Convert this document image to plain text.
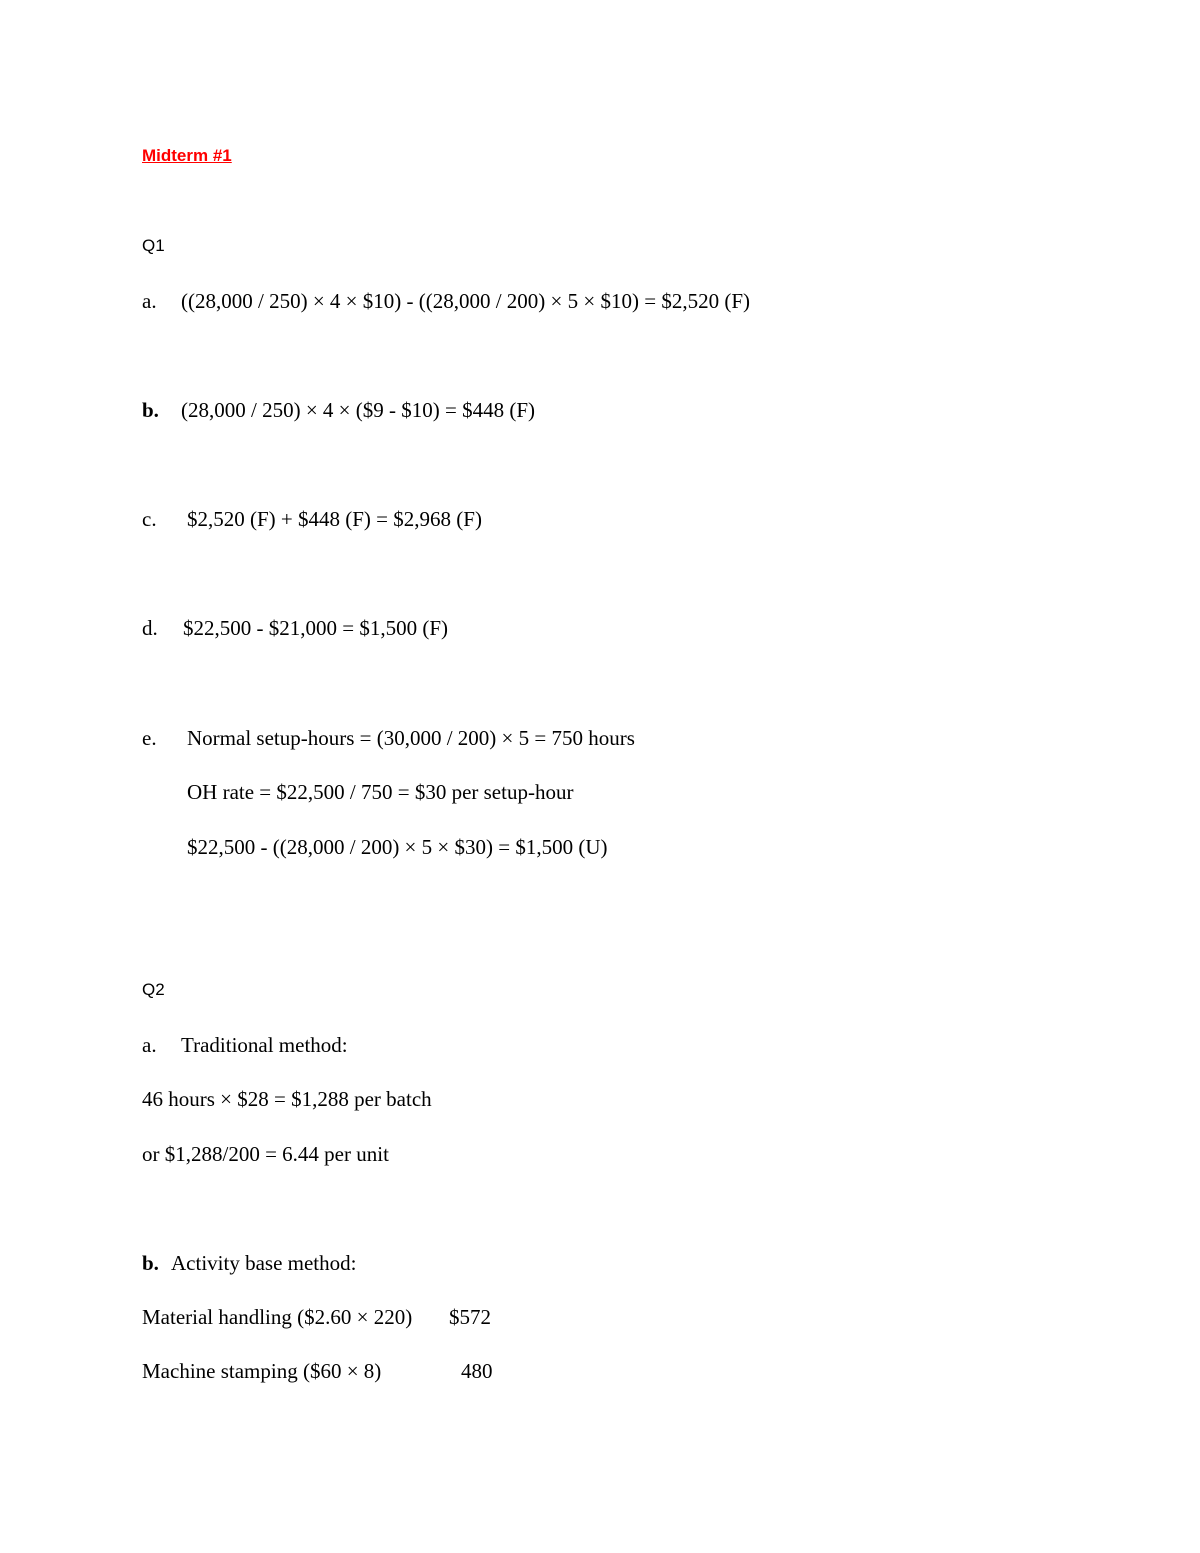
Midterm #1
Q1
a. ((28,000 / 250) × 4 × $10) - ((28,000 / 200) × 5 × $10) = $2,520 (F)
b. (28,000 / 250) × 4 × ($9 - $10) = $448 (F)
c. $2,520 (F) + $448 (F) = $2,968 (F)
d. $22,500 - $21,000 = $1,500 (F)
e. Normal setup-hours = (30,000 / 200) × 5 = 750 hours
OH rate = $22,500 / 750 = $30 per setup-hour
$22,500 - ((28,000 / 200) × 5 × $30) = $1,500 (U)
Q2
a. Traditional method:
46 hours × $28 = $1,288 per batch
or $1,288/200 = 6.44 per unit
b. Activity base method:
Material handling ($2.60 × 220) $572
Machine stamping ($60 × 8)	480
